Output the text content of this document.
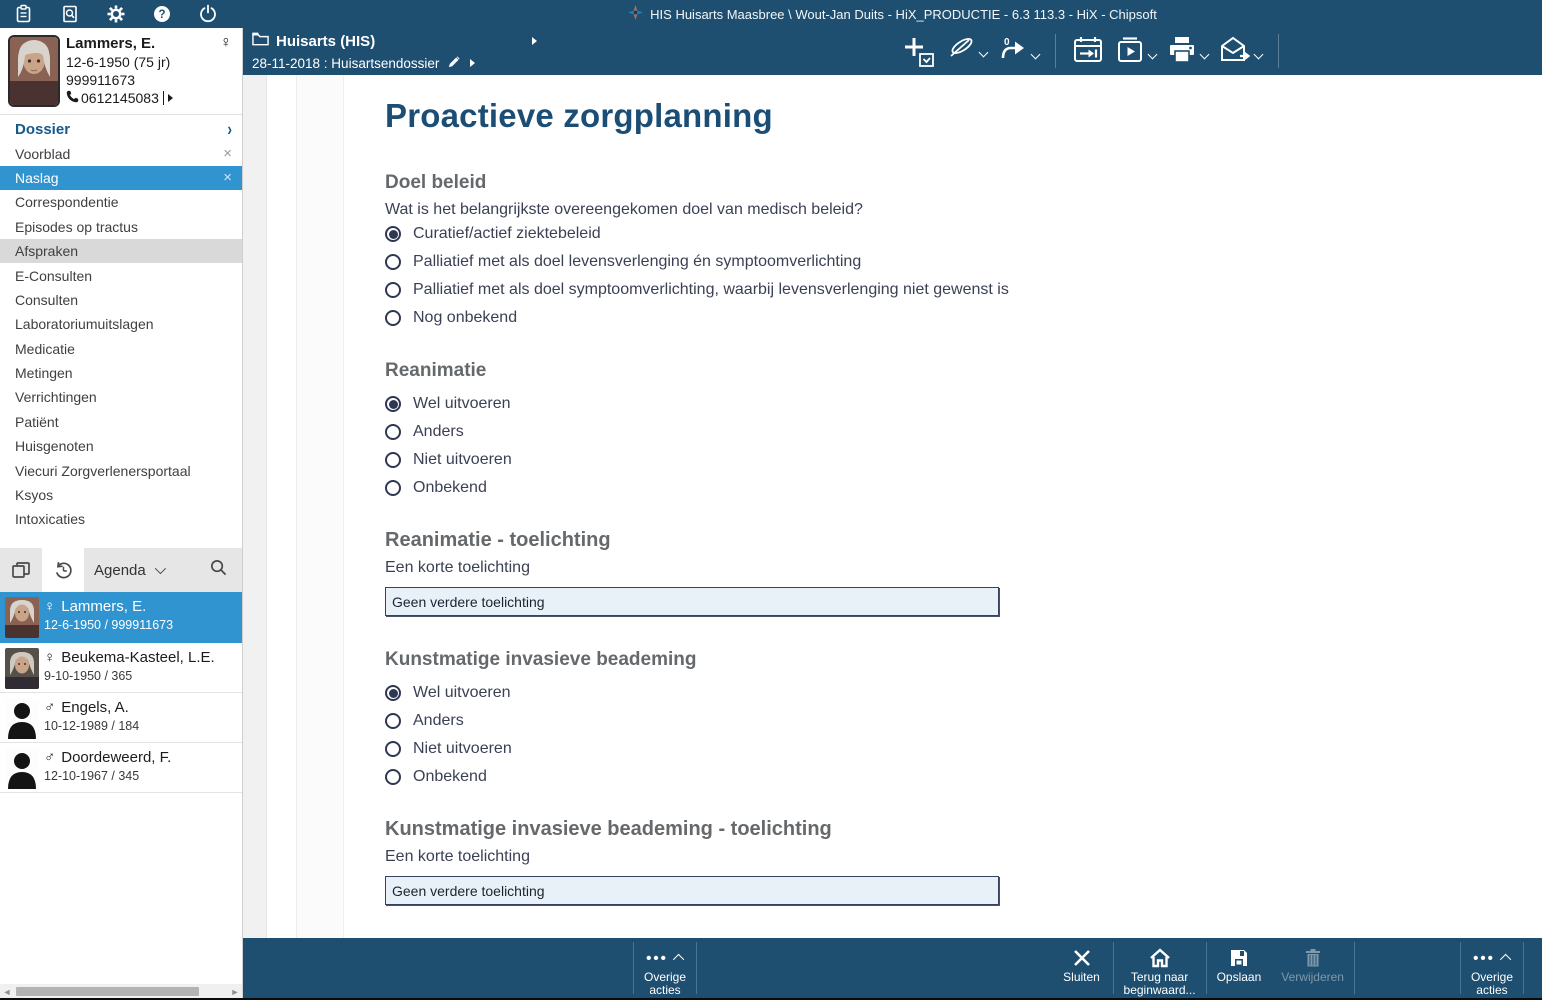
?	HIS Huisarts Maasbree \ Wout-Jan Duits - HiX_PRODUCTIE - 6.3 113.3 - HiX - Chipsoft
Lammers, E.
12-6-1950 (75 jr)
999911673
0612145083
♀
Dossier	›
Voorblad	×
Naslag	×
Correspondentie
Episodes op tractus
Afspraken
E-Consulten
Consulten
Laboratoriumuitslagen
Medicatie
Metingen
Verrichtingen
Patiënt
Huisgenoten
Viecuri Zorgverlenersportaal
Ksyos
Intoxicaties
Agenda
♀ Lammers, E.
12-6-1950 / 999911673
♀ Beukema-Kasteel, L.E.
9-10-1950 / 365
♂ Engels, A.
10-12-1989 / 184
♂ Doordeweerd, F.
12-10-1967 / 345
◄	►
Huisarts (HIS)
28-11-2018 : Huisartsendossier
0
Proactieve zorgplanning
Doel beleid
Wat is het belangrijkste overeengekomen doel van medisch beleid?
Curatief/actief ziektebeleid
Palliatief met als doel levensverlenging én symptoomverlichting
Palliatief met als doel symptoomverlichting, waarbij levensverlenging niet gewenst is
Nog onbekend
Reanimatie
Wel uitvoeren
Anders
Niet uitvoeren
Onbekend
Reanimatie - toelichting
Een korte toelichting
Geen verdere toelichting
Kunstmatige invasieve beademing
Wel uitvoeren
Anders
Niet uitvoeren
Onbekend
Kunstmatige invasieve beademing - toelichting
Een korte toelichting
Geen verdere toelichting
•••
Overige
acties
Sluiten	Terug naar
beginwaard...
Opslaan Verwijderen
•••
Overige
acties
